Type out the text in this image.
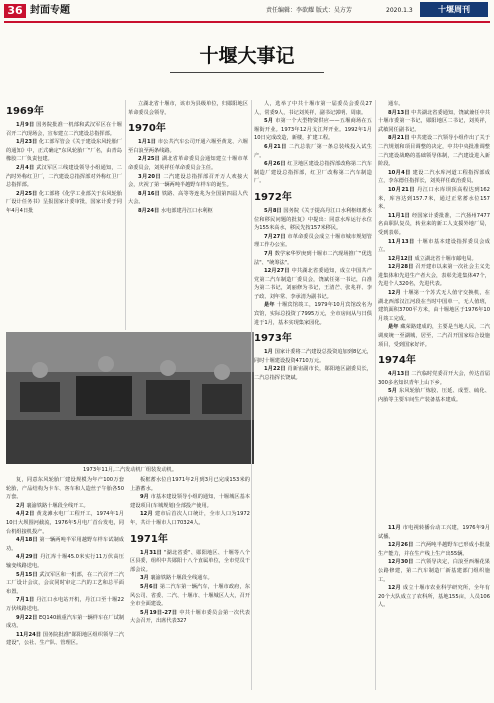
36 封面专题	责任编辑：李欲耀 版式：吴方芳	2020.1.3	十堰周刊
十堰大事记
1969年

1月9日 国务院批准一机部和武汉军区在十堰召开二汽现场会，宣布建立二汽建设总指挥部。

1月23日 化工部军管会《关于建设东风轮胎厂的通知》中，正式确定"东风轮胎厂"厂名，由青岛橡胶二厂负责包建。

2月4日 武汉军区三线建设领导小组通知，二汽时外称红卫厂，二汽建设总指挥部对外称红卫厂总指挥部。

2月25日 化工部将《化学工业部关于东风轮胎厂设计任务书》呈报国家计委审批，国家计委于同年4月4日批

立湖北省十堰市，该市为县级单位，归郧阳地区革命委员会领导。

1970年

1月1日 市公共汽车公司开通六堰至黄龙、六堰至白浪至两条线路。

2月25日 湖北省革命委员会通知建立十堰市革命委员会，刘英祥任革命委员会主任。

3月20日 二汽建设总指挥部召开万人欢接大会，庆祝了第一辆两吨半越野车样车的诞生。

8月16日 铁路、高等等连兆为全国第四届人代大会。

8月24日 水电部建丹江口水利枢

人，选举了中共十堰市第一届委员会委员27人，常委9人，书记刘英祥，副书记郭明、周康。

5月 市第一个大型物资供应——五堰商场在五堰街开业。1973年12月戈江拜开业。1992年1月10日完成改造，新楼，扩建工程。

6月21日 二汽总装厂第一条总装线投入试生产。

6月26日 红卫地区建设总指挥部改称第二汽车制造厂建设总指挥部，红卫厂改称第二汽车制造厂。

1972年

5月8日 国务院《关于提高丹江口水利枢纽蓄水位和移民问题的批复》中提出：同意水库运行水位为155米高水，移民先按157米移民。

7月27日 市革命委员会成立十堰市城市规划管理工作办公室。

7月 数学家华罗庚到十堰市二汽现场推广"优选法"、"统筹法"。

12月27日 中共湖北省委通知，成立中国共产党第二汽车制造厂委员会，饶斌任第一书记，白准为第二书记，刘丽修为书记，王清芒、张兆祥、李子政、刘年常、李承清为副书记。

是年 十堰宾馆竣工，1979年10月宾馆改名为宾馆，实际总投资了7995万元，全市房间从与日俱进于1月，基本实现集家园化。

1973年

1月 国家计委将二汽建设总投资追加到8亿元，同时十堰建设投资4710万元。

1月22日 肖新宙副市长，郧阳地区副委员长，二汽总指挥长饶斌。

通车。

8月13日 中共湖北省委通知，饶斌兼任中共十堰市委第一书记，郧阳地区二书记，刘英祥，武敏同任副书记。

8月21日 中共建设二汽领导小组作出了关于二汽规划和项目调整的决定，中共中央批准调整二汽建设战略的基础领导体制，二汽建设进入新阶段。

10月4日 建设二汽水库河道工程指挥部成立，李东德任指挥长，刘英祥任政治委员。

10月21日 丹江口水库坝顶高程达到162米，库容达到157.7米，通过正常蓄水位157米。

11月1日 经国家计委批准，二汽扬州7477名由职队复员，转业来的新工人支援外地厂局，受到表彰。

11月13日 十堰市基本建设指挥委员会成立。

12月12日 成立湖北省十堰市邮电局。

12月28日 召开建市以来第一次社会主义先进集体和先进生产者大会，表彰先进集体47个，先进个人320名，先进代表。

12月 十堰第一个苏式无人值守交换机，在湖北西部汉江河段在当时中国单一，无人值班，建筑面积3700平方米，由十堰地区于1976年10月竣工完成。

是年 藏荣路建成的，主要是当地人民。二汽调度统一至湖城，居至，二汽召开国家综合设施项目，受到国家好评。

1974年

4月13日 二汽临时党委召开大会，传达首届300多名知识青年上山下乡。

5月 东风轮胎厂炼胶、压延、成型、硫化、内胎等主要车间生产装备基本建成。

11月 市电视转播台动工兴建，1976年9月试播。

12月26日 二汽两吨半越野车已形成小批量生产能力，并在生产线上生产出55辆。

12月30日 二汽领导决定，白浪至西堰花果公路修建，第二汽车制造厂新基建部门组织施工。

12月 成立十堰市农业科学研究所，全年有20个大队成立了农科所，基地155亩，人员106人。

1973年11月,二汽发动机厂组装发动机。

复，同意东风轮胎厂建设规模为年产100万套轮胎，产品结构为卡车、客车和人造丝子午胎各50万套。

2月 襄渝铁路十堰段全线开工。

4月2日 黄龙滩水电厂工程开工，1974年1月10日大坝围河截流，1976年5月电厂首台发电，同台机组接机投产。

4月18日 第一辆两吨半军用越野车样车试制成功。

4月29日 丹江库十堰45.0米实行11万伏高压输变线路送电。

5月15日 武汉军区和一机部，在二汽召开二汽工厂设计会议，会议同时审定二汽的工艺和总平面布置。

7月1日 丹江口水电站开机，丹江口至十堰22万伏线路送电。

9月22日 EQ140载重汽车第一辆样车在厂试制成功。

11月24日 国务院批准"郧阳地区组织领导二汽建设"，公社、生产队、管理区。

板框蓄水位自1971年2月到3月已完成153米的上游蓄水。

9月 市基本建设领导小组的通知，十堰城区基本建设项目(车城规划)全部投产使用。

12月 建市后首次人口统计，全市人口为1972年，共计十堰市人口70324人。

1971年

1月31日 "湖北省委"、郧阳地区、十堰等八个区县委，组织中共郧阳十八个直属单位，全市党员干部会议。

3月 襄渝铁路十堰段全线通车。

5月6日 第二汽车第一辆汽车，十堰市政府，东风公司、省委、二汽、十堰市、十堰城区人大，召开全市全面建设。

5月19日-27日 中共十堰市委员会第一次代表大会召开，出席代表327
